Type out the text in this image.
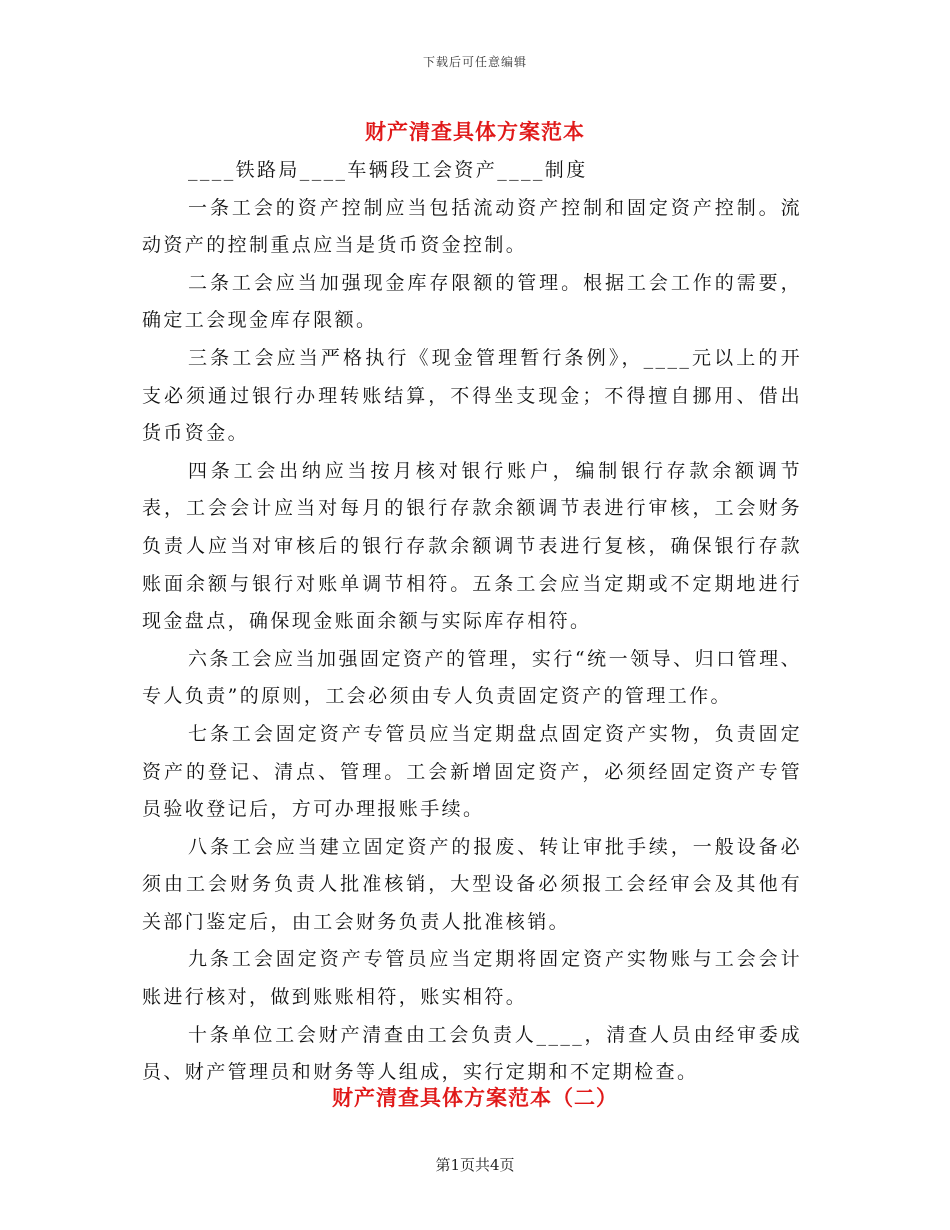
下载后可任意编辑
财产清查具体方案范本

____铁路局____车辆段工会资产____制度

一条工会的资产控制应当包括流动资产控制和固定资产控制。流动资产的控制重点应当是货币资金控制。

二条工会应当加强现金库存限额的管理。根据工会工作的需要，确定工会现金库存限额。

三条工会应当严格执行《现金管理暂行条例》，____元以上的开支必须通过银行办理转账结算，不得坐支现金；不得擅自挪用、借出货币资金。

四条工会出纳应当按月核对银行账户，编制银行存款余额调节表，工会会计应当对每月的银行存款余额调节表进行审核，工会财务负责人应当对审核后的银行存款余额调节表进行复核，确保银行存款账面余额与银行对账单调节相符。五条工会应当定期或不定期地进行现金盘点，确保现金账面余额与实际库存相符。

六条工会应当加强固定资产的管理，实行“统一领导、归口管理、专人负责”的原则，工会必须由专人负责固定资产的管理工作。

七条工会固定资产专管员应当定期盘点固定资产实物，负责固定资产的登记、清点、管理。工会新增固定资产，必须经固定资产专管员验收登记后，方可办理报账手续。

八条工会应当建立固定资产的报废、转让审批手续，一般设备必须由工会财务负责人批准核销，大型设备必须报工会经审会及其他有关部门鉴定后，由工会财务负责人批准核销。

九条工会固定资产专管员应当定期将固定资产实物账与工会会计账进行核对，做到账账相符，账实相符。

十条单位工会财产清查由工会负责人____，清查人员由经审委成员、财产管理员和财务等人组成，实行定期和不定期检查。

财产清查具体方案范本（二）
第1页共4页
